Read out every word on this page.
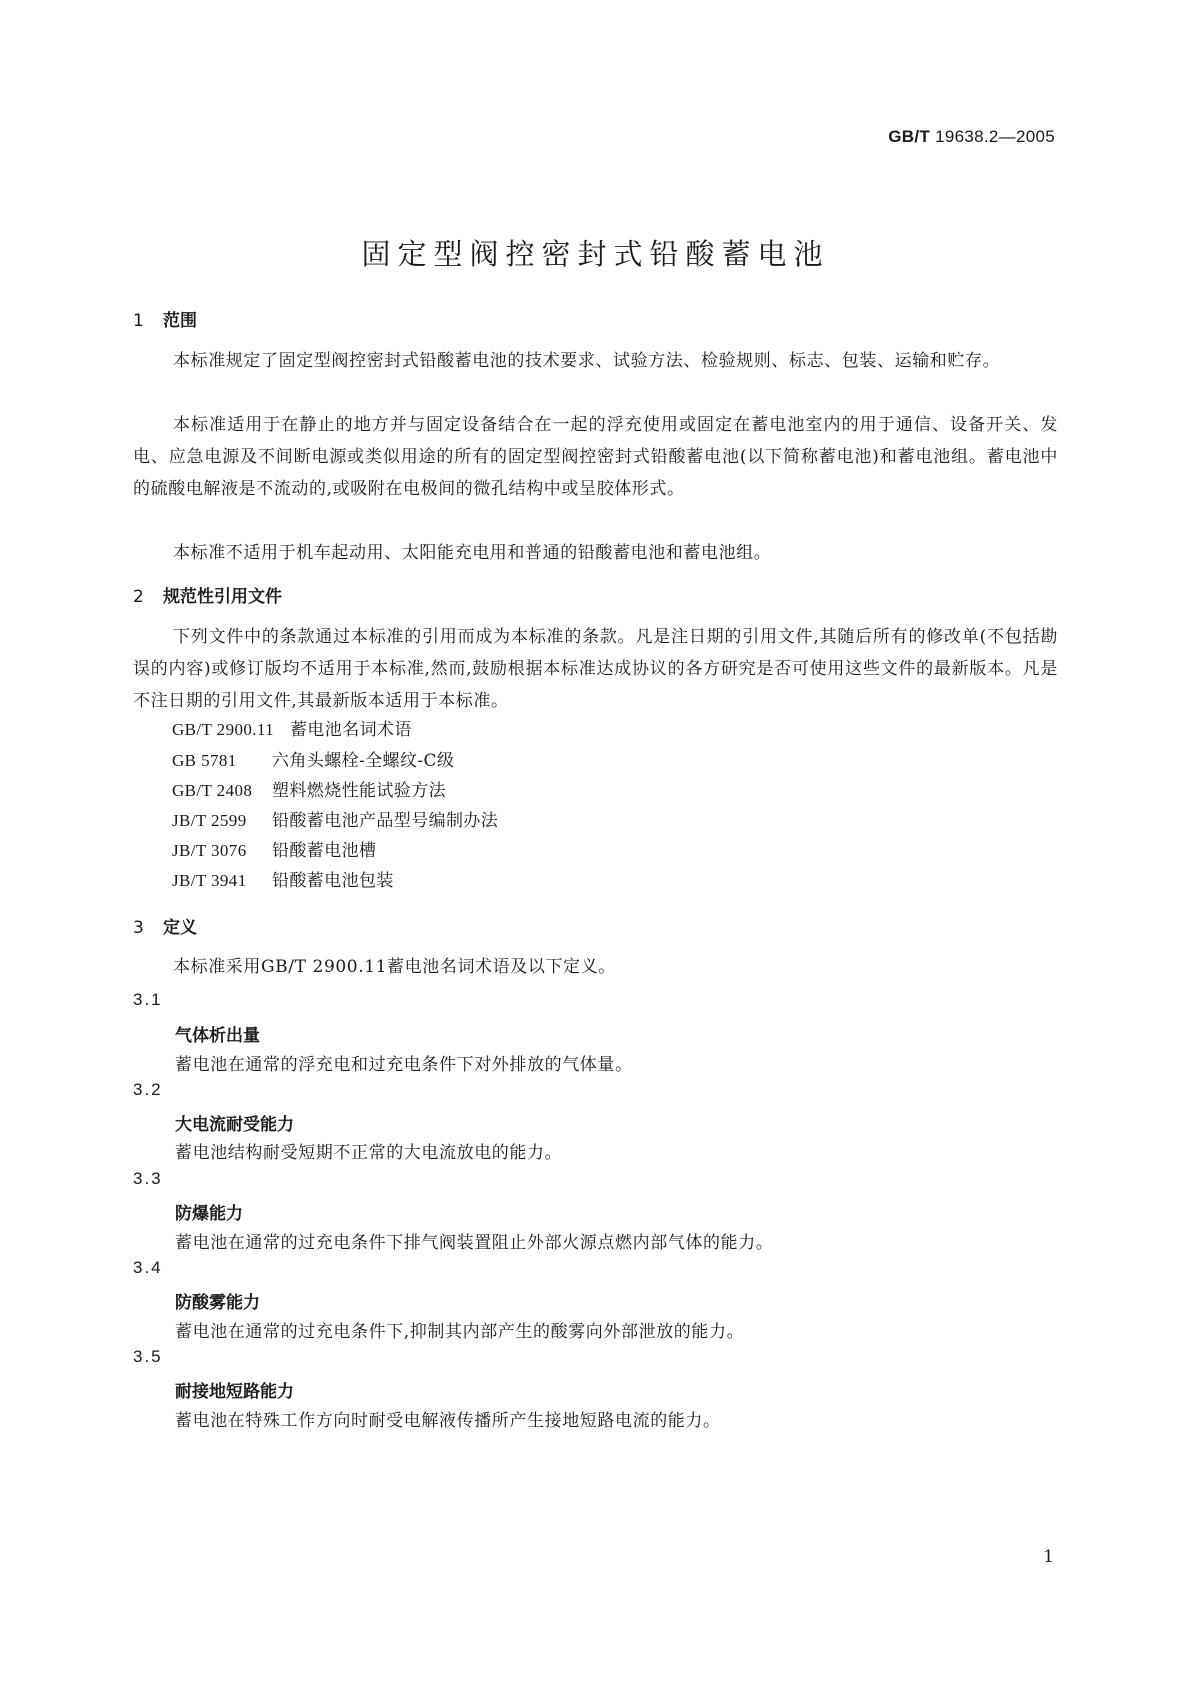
GB/T 19638.2—2005
固定型阀控密封式铅酸蓄电池
1 范围
本标准规定了固定型阀控密封式铅酸蓄电池的技术要求、试验方法、检验规则、标志、包装、运输和贮存。
本标准适用于在静止的地方并与固定设备结合在一起的浮充使用或固定在蓄电池室内的用于通信、设备开关、发电、应急电源及不间断电源或类似用途的所有的固定型阀控密封式铅酸蓄电池(以下简称蓄电池)和蓄电池组。蓄电池中的硫酸电解液是不流动的,或吸附在电极间的微孔结构中或呈胶体形式。
本标准不适用于机车起动用、太阳能充电用和普通的铅酸蓄电池和蓄电池组。
2 规范性引用文件
下列文件中的条款通过本标准的引用而成为本标准的条款。凡是注日期的引用文件,其随后所有的修改单(不包括勘误的内容)或修订版均不适用于本标准,然而,鼓励根据本标准达成协议的各方研究是否可使用这些文件的最新版本。凡是不注日期的引用文件,其最新版本适用于本标准。
GB/T 2900.11 蓄电池名词术语
GB 5781 六角头螺栓-全螺纹-C级
GB/T 2408 塑料燃烧性能试验方法
JB/T 2599 铅酸蓄电池产品型号编制办法
JB/T 3076 铅酸蓄电池槽
JB/T 3941 铅酸蓄电池包装
3 定义
本标准采用GB/T 2900.11蓄电池名词术语及以下定义。
3.1
气体析出量
蓄电池在通常的浮充电和过充电条件下对外排放的气体量。
3.2
大电流耐受能力
蓄电池结构耐受短期不正常的大电流放电的能力。
3.3
防爆能力
蓄电池在通常的过充电条件下排气阀装置阻止外部火源点燃内部气体的能力。
3.4
防酸雾能力
蓄电池在通常的过充电条件下,抑制其内部产生的酸雾向外部泄放的能力。
3.5
耐接地短路能力
蓄电池在特殊工作方向时耐受电解液传播所产生接地短路电流的能力。
1
